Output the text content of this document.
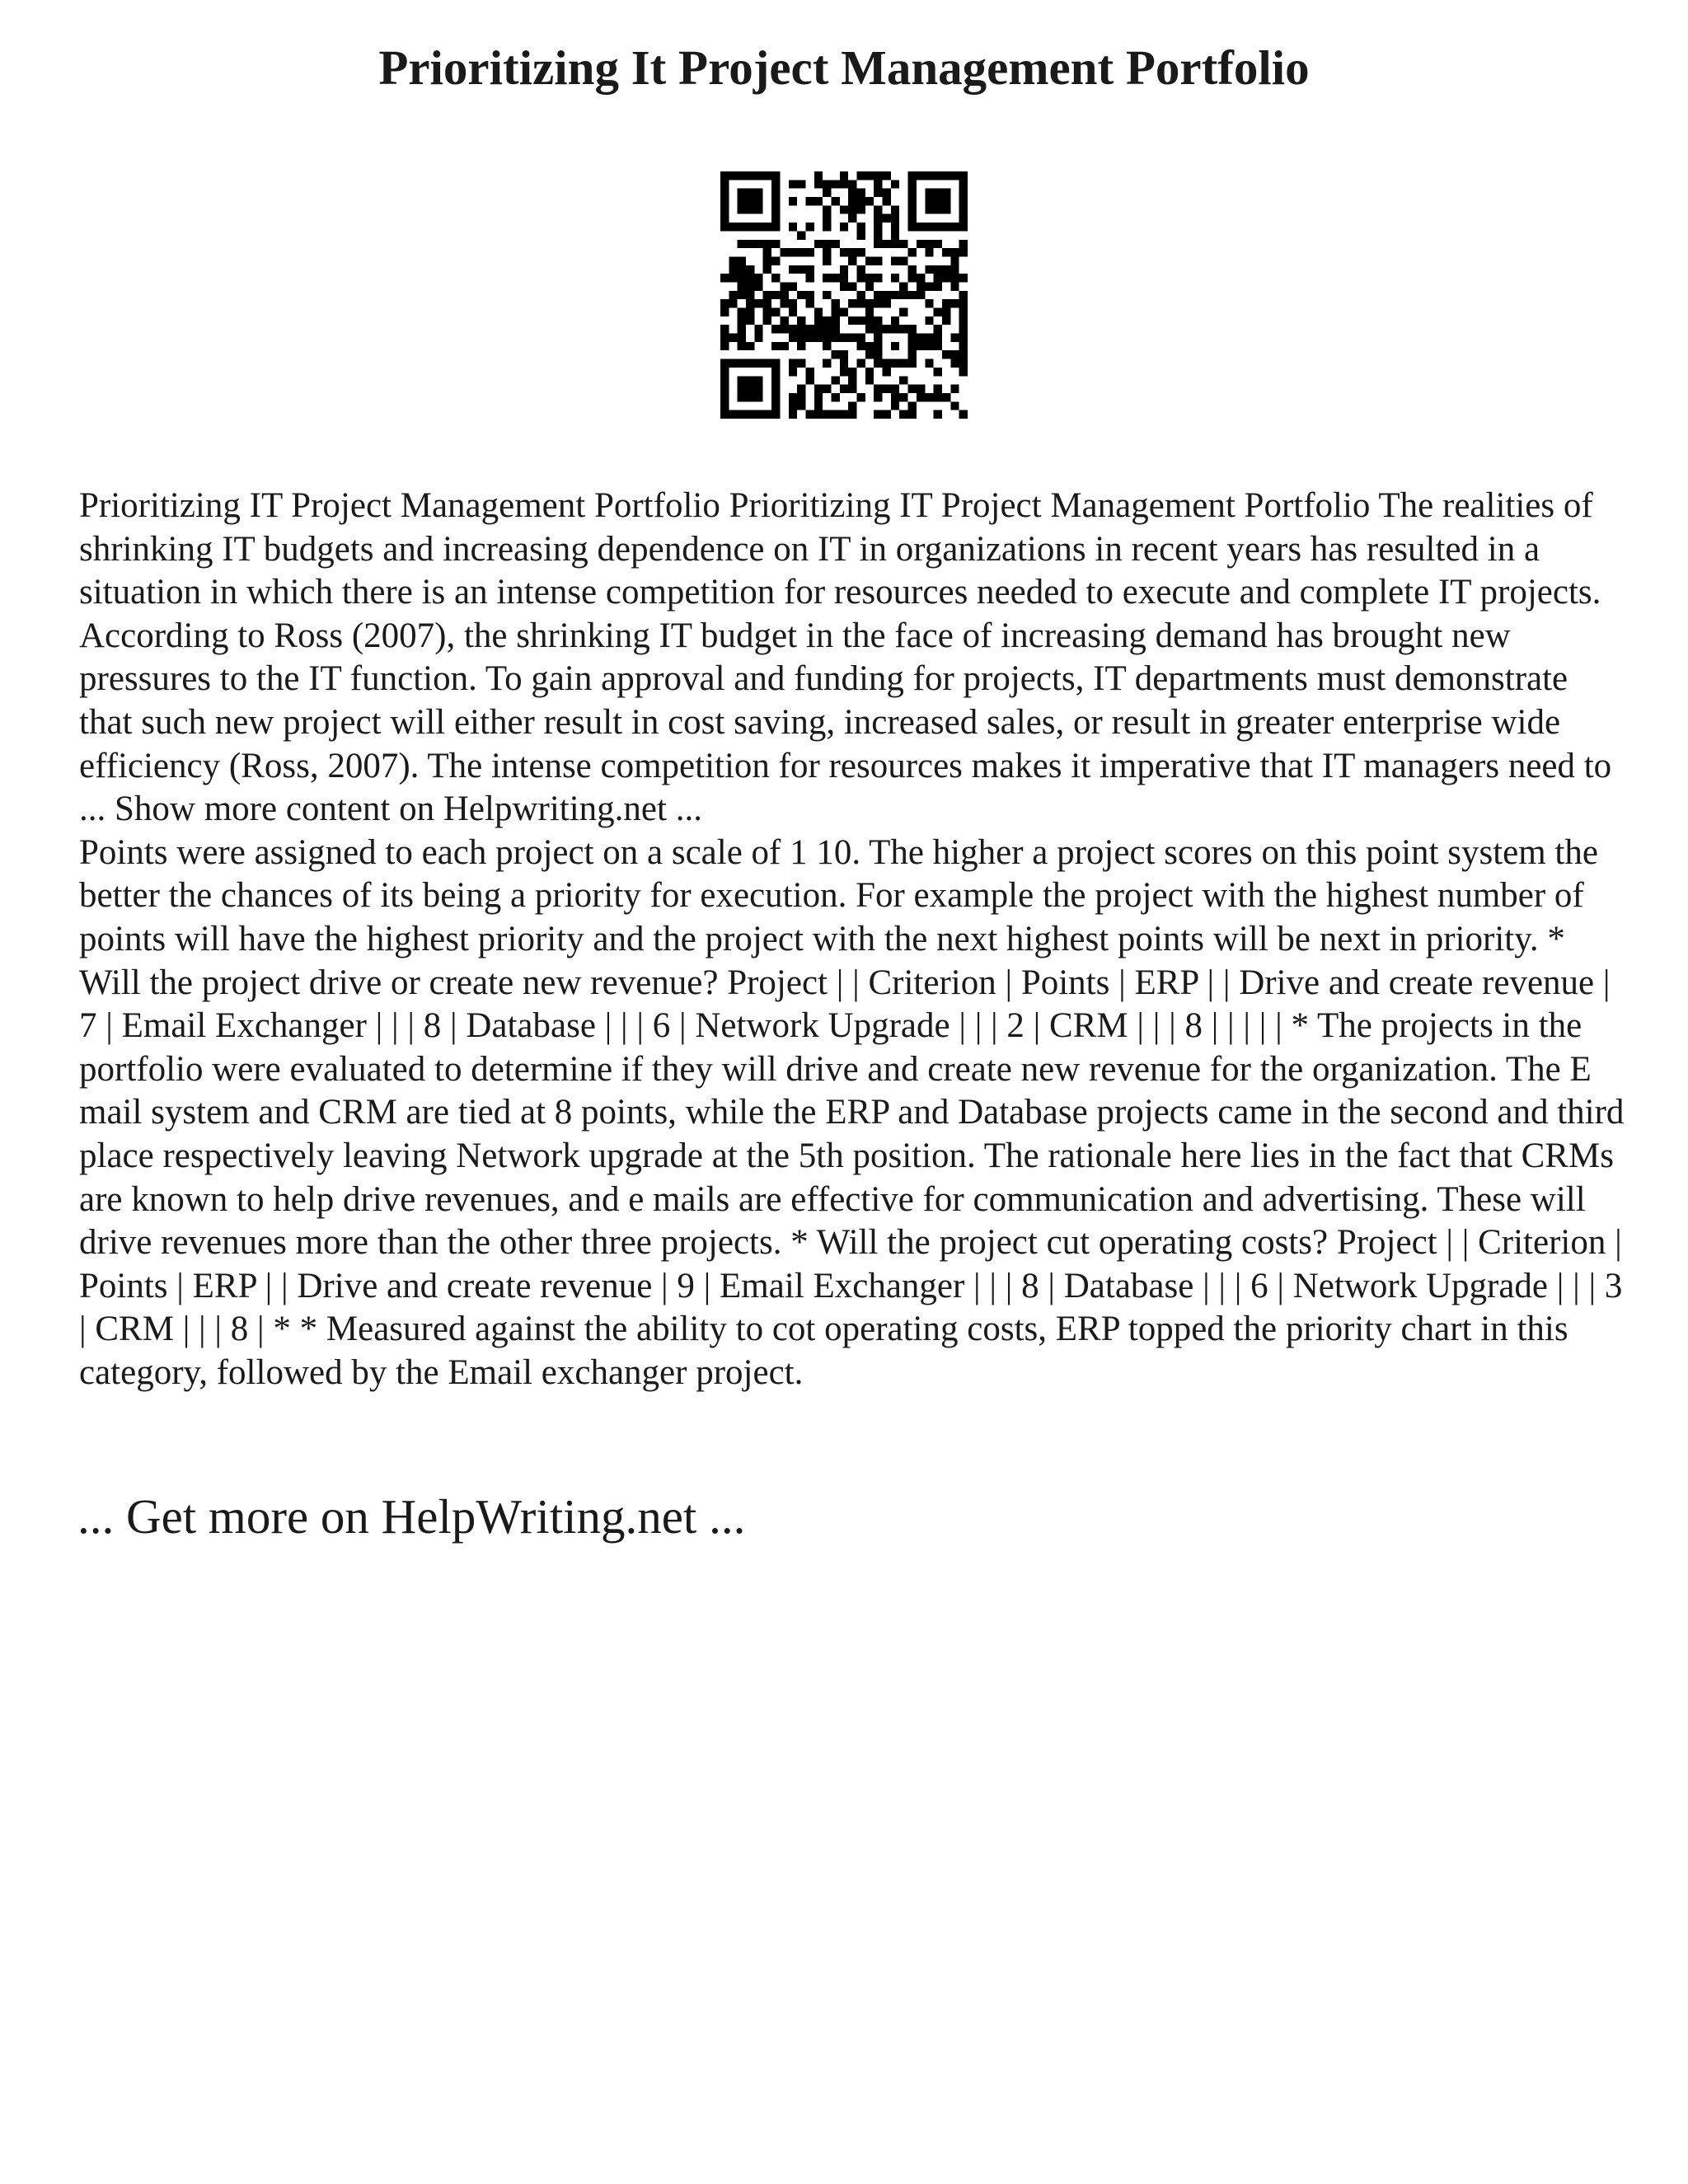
Prioritizing It Project Management Portfolio

Prioritizing IT Project Management Portfolio Prioritizing IT Project Management Portfolio The realities of shrinking IT budgets and increasing dependence on IT in organizations in recent years has resulted in a situation in which there is an intense competition for resources needed to execute and complete IT projects. According to Ross (2007), the shrinking IT budget in the face of increasing demand has brought new pressures to the IT function. To gain approval and funding for projects, IT departments must demonstrate that such new project will either result in cost saving, increased sales, or result in greater enterprise wide efficiency (Ross, 2007). The intense competition for resources makes it imperative that IT managers need to ... Show more content on Helpwriting.net ...

Points were assigned to each project on a scale of 1 10. The higher a project scores on this point system the better the chances of its being a priority for execution. For example the project with the highest number of points will have the highest priority and the project with the next highest points will be next in priority. * Will the project drive or create new revenue? Project | | Criterion | Points | ERP | | Drive and create revenue | 7 | Email Exchanger | | | 8 | Database | | | 6 | Network Upgrade | | | 2 | CRM | | | 8 | | | | | * The projects in the portfolio were evaluated to determine if they will drive and create new revenue for the organization. The E mail system and CRM are tied at 8 points, while the ERP and Database projects came in the second and third place respectively leaving Network upgrade at the 5th position. The rationale here lies in the fact that CRMs are known to help drive revenues, and e mails are effective for communication and advertising. These will drive revenues more than the other three projects. * Will the project cut operating costs? Project | | Criterion | Points | ERP | | Drive and create revenue | 9 | Email Exchanger | | | 8 | Database | | | 6 | Network Upgrade | | | 3 | CRM | | | 8 | * * Measured against the ability to cot operating costs, ERP topped the priority chart in this category, followed by the Email exchanger project.

... Get more on HelpWriting.net ...
